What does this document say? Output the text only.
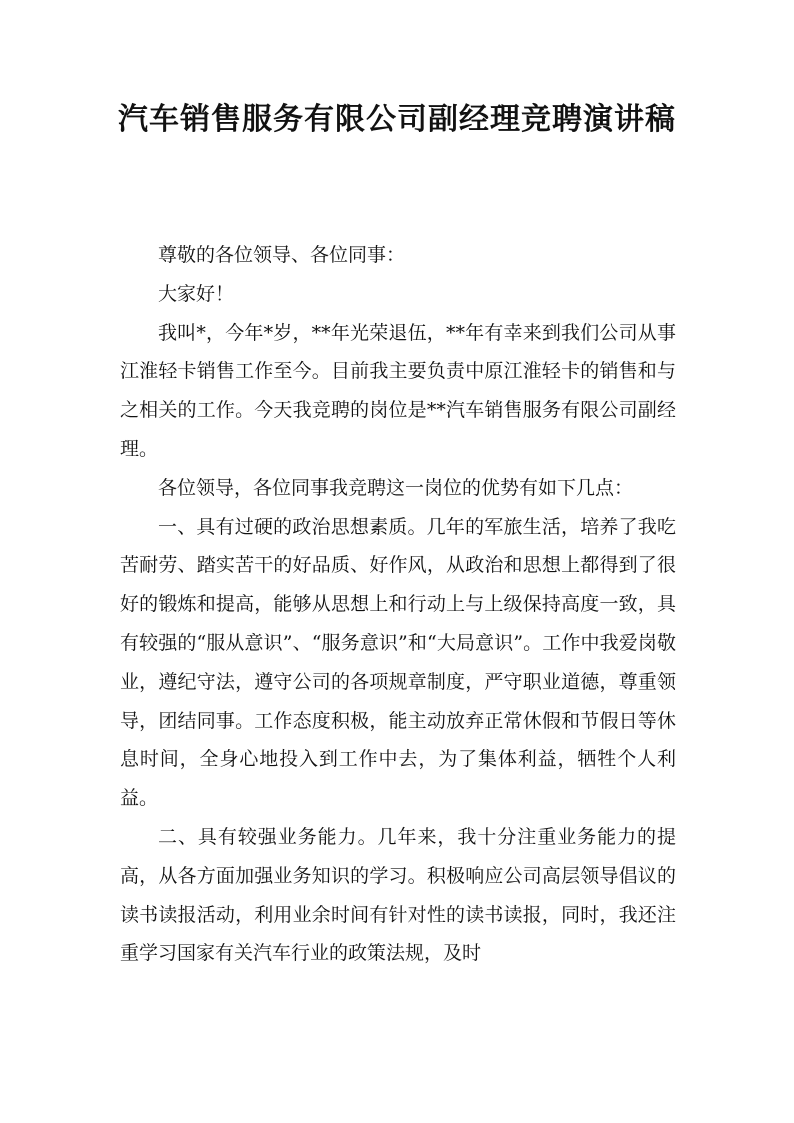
汽车销售服务有限公司副经理竞聘演讲稿

尊敬的各位领导、各位同事：

大家好！

我叫*，今年*岁，**年光荣退伍，**年有幸来到我们公司从事江淮轻卡销售工作至今。目前我主要负责中原江淮轻卡的销售和与之相关的工作。今天我竞聘的岗位是**汽车销售服务有限公司副经理。

各位领导，各位同事我竞聘这一岗位的优势有如下几点：

一、具有过硬的政治思想素质。几年的军旅生活，培养了我吃苦耐劳、踏实苦干的好品质、好作风，从政治和思想上都得到了很好的锻炼和提高，能够从思想上和行动上与上级保持高度一致，具有较强的“服从意识”、“服务意识”和“大局意识”。工作中我爱岗敬业，遵纪守法，遵守公司的各项规章制度，严守职业道德，尊重领导，团结同事。工作态度积极，能主动放弃正常休假和节假日等休息时间，全身心地投入到工作中去，为了集体利益，牺牲个人利益。

二、具有较强业务能力。几年来，我十分注重业务能力的提高，从各方面加强业务知识的学习。积极响应公司高层领导倡议的读书读报活动，利用业余时间有针对性的读书读报，同时，我还注重学习国家有关汽车行业的政策法规，及时
